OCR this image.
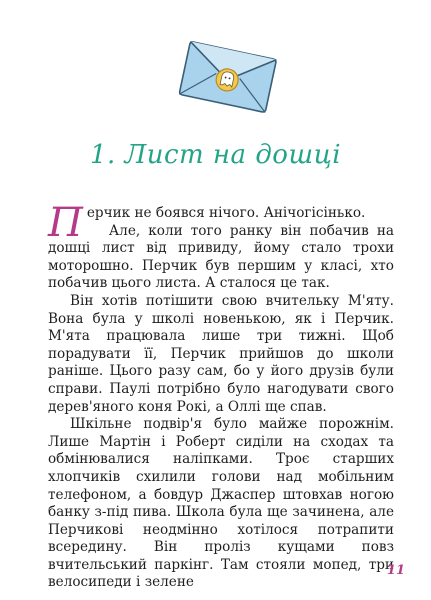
1. Лист на дошці

П ерчик не боявся нічого. Анічогісінько.

Але, коли того ранку він побачив на дошці лист від привиду, йому стало трохи моторошно. Перчик був першим у класі, хто побачив цього листа. А сталося це так.

Він хотів потішити свою вчительку М'яту. Вона була у школі новенькою, як і Перчик. М'ята працювала лише три тижні. Щоб порадувати її, Перчик прийшов до школи раніше. Цього разу сам, бо у його друзів були справи. Паулі потрібно було нагодувати свого дерев'яного коня Рокі, а Оллі ще спав.

Шкільне подвір'я було майже порожнім. Лише Мартін і Роберт сиділи на сходах та обмінювалися наліпками. Троє старших хлопчиків схилили голови над мобільним телефоном, а бовдур Джаспер штовхав ногою банку з-під пива. Школа була ще зачинена, але Перчикові неодмінно хотілося потрапити всередину. Він проліз кущами повз вчительський паркінг. Там стояли мопед, три велосипеди і зелене

11
